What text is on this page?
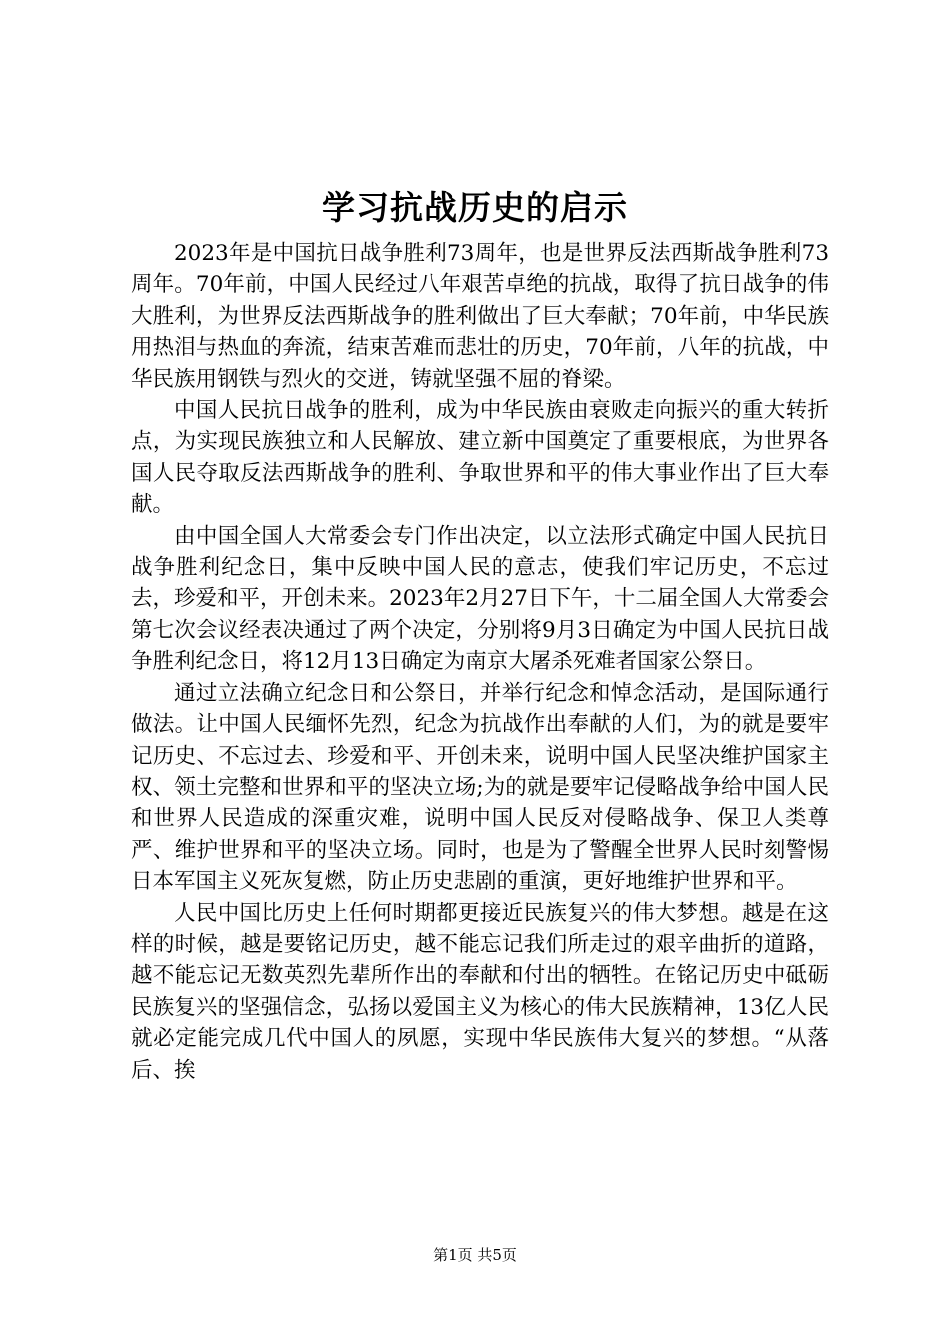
学习抗战历史的启示

2023年是中国抗日战争胜利73周年，也是世界反法西斯战争胜利73周年。70年前，中国人民经过八年艰苦卓绝的抗战，取得了抗日战争的伟大胜利，为世界反法西斯战争的胜利做出了巨大奉献；70年前，中华民族用热泪与热血的奔流，结束苦难而悲壮的历史，70年前，八年的抗战，中华民族用钢铁与烈火的交迸，铸就坚强不屈的脊梁。

中国人民抗日战争的胜利，成为中华民族由衰败走向振兴的重大转折点，为实现民族独立和人民解放、建立新中国奠定了重要根底，为世界各国人民夺取反法西斯战争的胜利、争取世界和平的伟大事业作出了巨大奉献。

由中国全国人大常委会专门作出决定，以立法形式确定中国人民抗日战争胜利纪念日，集中反映中国人民的意志，使我们牢记历史，不忘过去，珍爱和平，开创未来。2023年2月27日下午，十二届全国人大常委会第七次会议经表决通过了两个决定，分别将9月3日确定为中国人民抗日战争胜利纪念日，将12月13日确定为南京大屠杀死难者国家公祭日。

通过立法确立纪念日和公祭日，并举行纪念和悼念活动，是国际通行做法。让中国人民缅怀先烈，纪念为抗战作出奉献的人们，为的就是要牢记历史、不忘过去、珍爱和平、开创未来，说明中国人民坚决维护国家主权、领土完整和世界和平的坚决立场;为的就是要牢记侵略战争给中国人民和世界人民造成的深重灾难，说明中国人民反对侵略战争、保卫人类尊严、维护世界和平的坚决立场。同时，也是为了警醒全世界人民时刻警惕日本军国主义死灰复燃，防止历史悲剧的重演，更好地维护世界和平。

人民中国比历史上任何时期都更接近民族复兴的伟大梦想。越是在这样的时候，越是要铭记历史，越不能忘记我们所走过的艰辛曲折的道路，越不能忘记无数英烈先辈所作出的奉献和付出的牺牲。在铭记历史中砥砺民族复兴的坚强信念，弘扬以爱国主义为核心的伟大民族精神，13亿人民就必定能完成几代中国人的夙愿，实现中华民族伟大复兴的梦想。“从落后、挨

第1页 共5页
